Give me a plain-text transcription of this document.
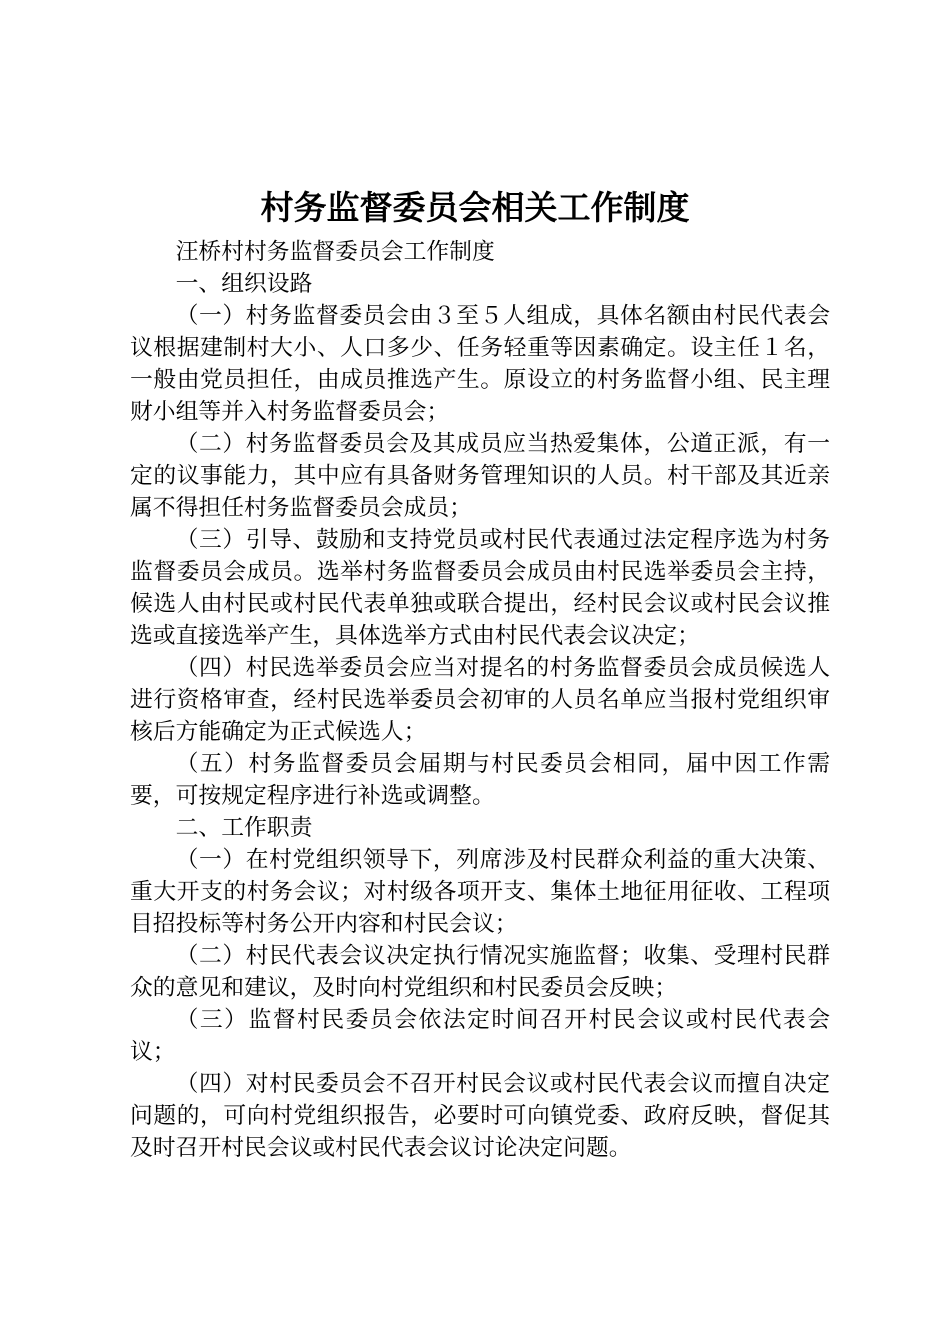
村务监督委员会相关工作制度

汪桥村村务监督委员会工作制度

一、组织设路

（一）村务监督委员会由３至５人组成，具体名额由村民代表会议根据建制村大小、人口多少、任务轻重等因素确定。设主任１名，一般由党员担任，由成员推选产生。原设立的村务监督小组、民主理财小组等并入村务监督委员会；

（二）村务监督委员会及其成员应当热爱集体，公道正派，有一定的议事能力，其中应有具备财务管理知识的人员。村干部及其近亲属不得担任村务监督委员会成员；

（三）引导、鼓励和支持党员或村民代表通过法定程序选为村务监督委员会成员。选举村务监督委员会成员由村民选举委员会主持，候选人由村民或村民代表单独或联合提出，经村民会议或村民会议推选或直接选举产生，具体选举方式由村民代表会议决定；

（四）村民选举委员会应当对提名的村务监督委员会成员候选人进行资格审查，经村民选举委员会初审的人员名单应当报村党组织审核后方能确定为正式候选人；

（五）村务监督委员会届期与村民委员会相同，届中因工作需要，可按规定程序进行补选或调整。

二、工作职责

（一）在村党组织领导下，列席涉及村民群众利益的重大决策、重大开支的村务会议；对村级各项开支、集体土地征用征收、工程项目招投标等村务公开内容和村民会议；

（二）村民代表会议决定执行情况实施监督；收集、受理村民群众的意见和建议，及时向村党组织和村民委员会反映；

（三）监督村民委员会依法定时间召开村民会议或村民代表会议；

（四）对村民委员会不召开村民会议或村民代表会议而擅自决定问题的，可向村党组织报告，必要时可向镇党委、政府反映，督促其及时召开村民会议或村民代表会议讨论决定问题。
